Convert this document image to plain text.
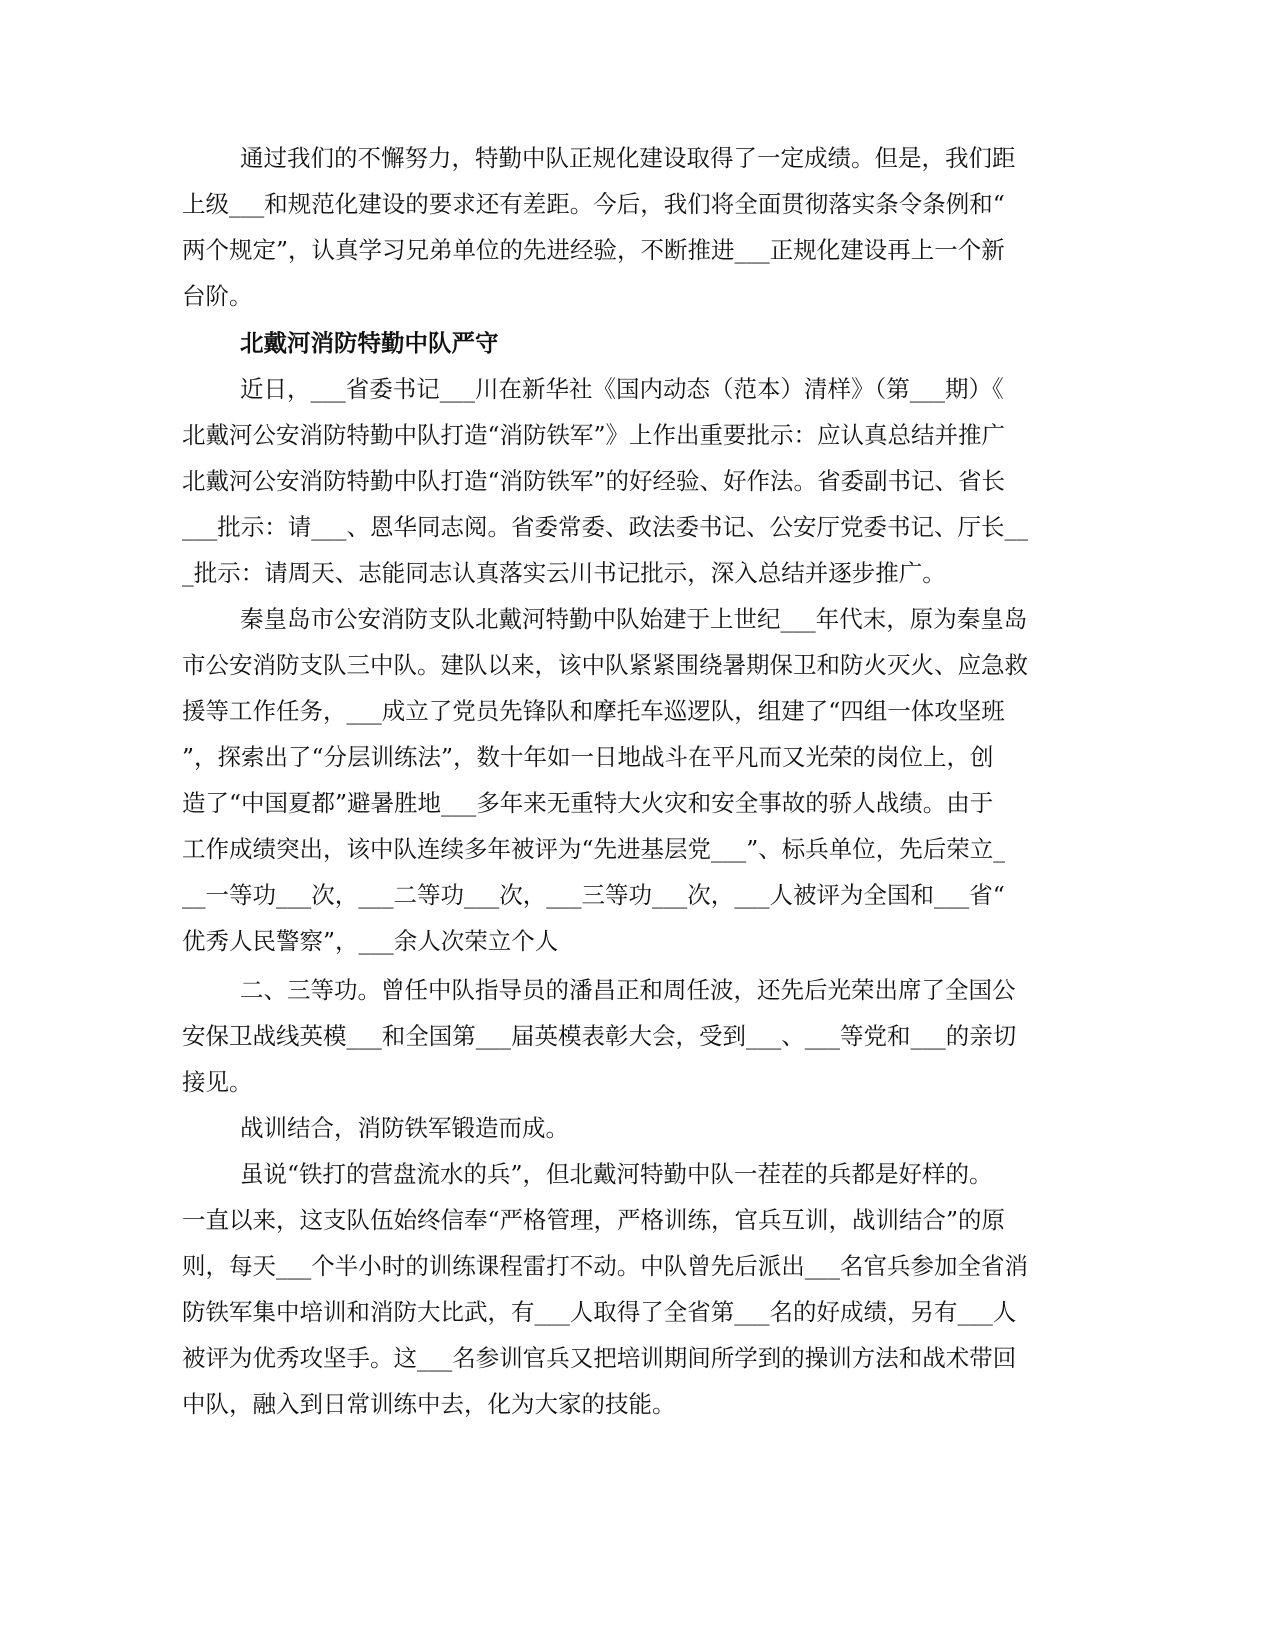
通过我们的不懈努力，特勤中队正规化建设取得了一定成绩。但是，我们距
上级___和规范化建设的要求还有差距。今后，我们将全面贯彻落实条令条例和“
两个规定”，认真学习兄弟单位的先进经验，不断推进___正规化建设再上一个新
台阶。
北戴河消防特勤中队严守
近日，___省委书记___川在新华社《国内动态（范本）清样》（第___期）《
北戴河公安消防特勤中队打造“消防铁军”》上作出重要批示：应认真总结并推广
北戴河公安消防特勤中队打造“消防铁军”的好经验、好作法。省委副书记、省长
___批示：请___、恩华同志阅。省委常委、政法委书记、公安厅党委书记、厅长__
_批示：请周天、志能同志认真落实云川书记批示，深入总结并逐步推广。
秦皇岛市公安消防支队北戴河特勤中队始建于上世纪___年代末，原为秦皇岛
市公安消防支队三中队。建队以来，该中队紧紧围绕暑期保卫和防火灭火、应急救
援等工作任务，___成立了党员先锋队和摩托车巡逻队，组建了“四组一体攻坚班
”，探索出了“分层训练法”，数十年如一日地战斗在平凡而又光荣的岗位上，创
造了“中国夏都”避暑胜地___多年来无重特大火灾和安全事故的骄人战绩。由于
工作成绩突出，该中队连续多年被评为“先进基层党___”、标兵单位，先后荣立_
__一等功___次，___二等功___次，___三等功___次，___人被评为全国和___省“
优秀人民警察”，___余人次荣立个人
二、三等功。曾任中队指导员的潘昌正和周任波，还先后光荣出席了全国公
安保卫战线英模___和全国第___届英模表彰大会，受到___、___等党和___的亲切
接见。
战训结合，消防铁军锻造而成。
虽说“铁打的营盘流水的兵”，但北戴河特勤中队一茬茬的兵都是好样的。
一直以来，这支队伍始终信奉“严格管理，严格训练，官兵互训，战训结合”的原
则，每天___个半小时的训练课程雷打不动。中队曾先后派出___名官兵参加全省消
防铁军集中培训和消防大比武，有___人取得了全省第___名的好成绩，另有___人
被评为优秀攻坚手。这___名参训官兵又把培训期间所学到的操训方法和战术带回
中队，融入到日常训练中去，化为大家的技能。
